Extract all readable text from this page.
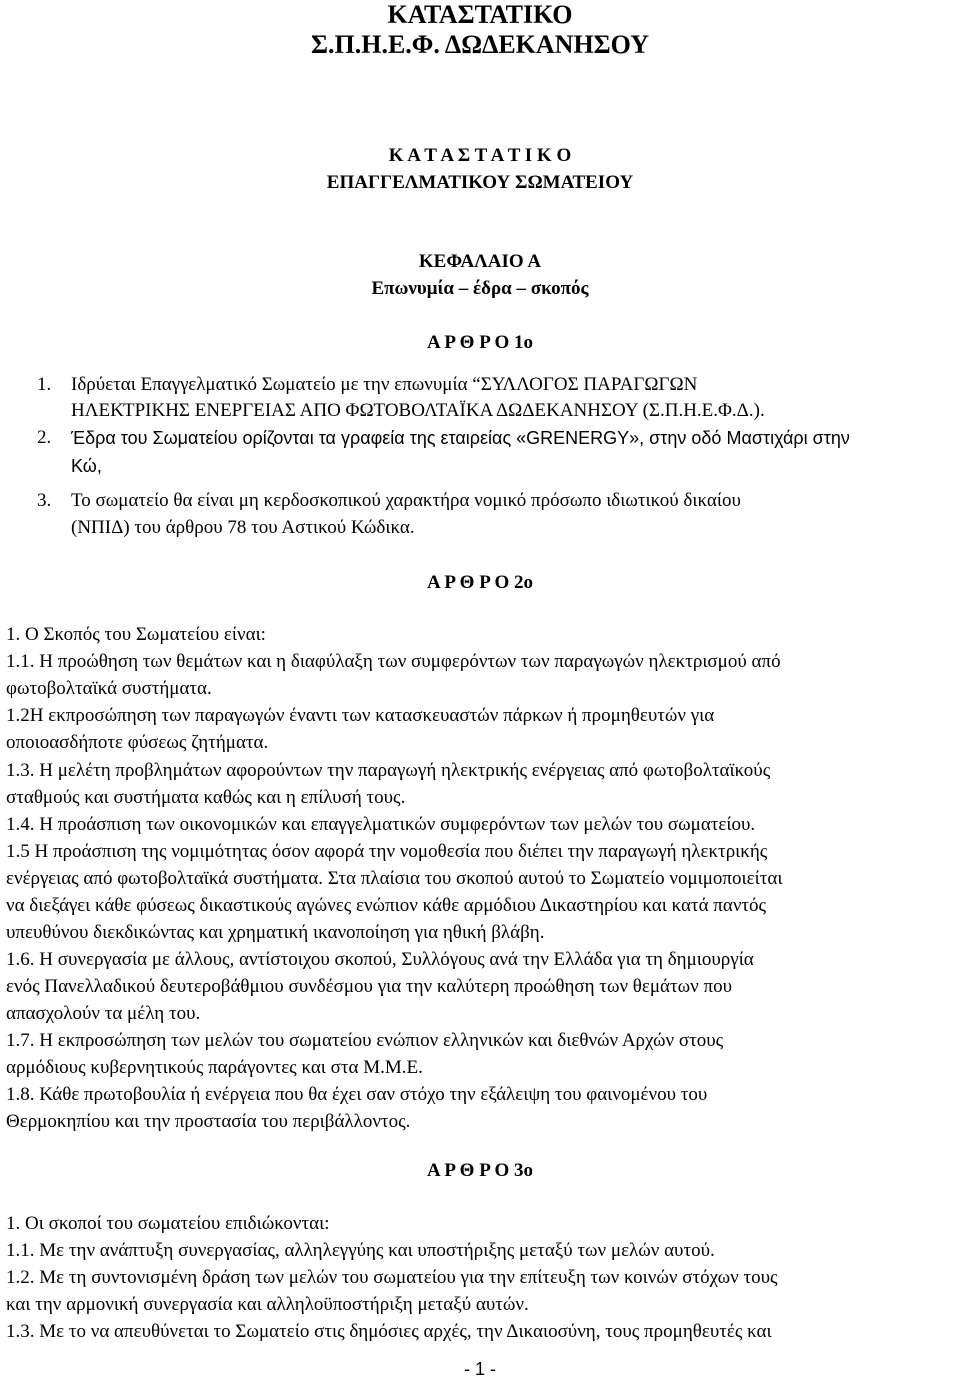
ΚΑΤΑΣΤΑΤΙΚΟ
Σ.Π.Η.Ε.Φ. ΔΩΔΕΚΑΝΗΣΟΥ
Κ Α Τ Α Σ Τ Α Τ Ι Κ Ο
ΕΠΑΓΓΕΛΜΑΤΙΚΟΥ ΣΩΜΑΤΕΙΟΥ
ΚΕΦΑΛΑΙΟ Α
Επωνυμία – έδρα – σκοπός
Α Ρ Θ Ρ Ο 1ο
1. Ιδρύεται Επαγγελματικό Σωματείο με την επωνυμία “ΣΥΛΛΟΓΟΣ ΠΑΡΑΓΩΓΩΝ
ΗΛΕΚΤΡΙΚΗΣ ΕΝΕΡΓΕΙΑΣ ΑΠΟ ΦΩΤΟΒΟΛΤΑΪΚΑ ΔΩΔΕΚΑΝΗΣΟΥ (Σ.Π.Η.Ε.Φ.Δ.).
2. Έδρα του Σωματείου ορίζονται τα γραφεία της εταιρείας «GRENERGY», στην οδό Μαστιχάρι στην
Κώ,
3. Το σωματείο θα είναι μη κερδοσκοπικού χαρακτήρα νομικό πρόσωπο ιδιωτικού δικαίου
(ΝΠΙΔ) του άρθρου 78 του Αστικού Κώδικα.
Α Ρ Θ Ρ Ο 2ο
1. Ο Σκοπός του Σωματείου είναι:
1.1. Η προώθηση των θεμάτων και η διαφύλαξη των συμφερόντων των παραγωγών ηλεκτρισμού από
φωτοβολταϊκά συστήματα.
1.2Η εκπροσώπηση των παραγωγών έναντι των κατασκευαστών πάρκων ή προμηθευτών για
οποιοασδήποτε φύσεως ζητήματα.
1.3. Η μελέτη προβλημάτων αφορούντων την παραγωγή ηλεκτρικής ενέργειας από φωτοβολταϊκούς
σταθμούς και συστήματα καθώς και η επίλυσή τους.
1.4. Η προάσπιση των οικονομικών και επαγγελματικών συμφερόντων των μελών του σωματείου.
1.5 Η προάσπιση της νομιμότητας όσον αφορά την νομοθεσία που διέπει την παραγωγή ηλεκτρικής
ενέργειας από φωτοβολταϊκά συστήματα. Στα πλαίσια του σκοπού αυτού το Σωματείο νομιμοποιείται
να διεξάγει κάθε φύσεως δικαστικούς αγώνες ενώπιον κάθε αρμόδιου Δικαστηρίου και κατά παντός
υπευθύνου διεκδικώντας και χρηματική ικανοποίηση για ηθική βλάβη.
1.6. Η συνεργασία με άλλους, αντίστοιχου σκοπού, Συλλόγους ανά την Ελλάδα για τη δημιουργία
ενός Πανελλαδικού δευτεροβάθμιου συνδέσμου για την καλύτερη προώθηση των θεμάτων που
απασχολούν τα μέλη του.
1.7. Η εκπροσώπηση των μελών του σωματείου ενώπιον ελληνικών και διεθνών Αρχών στους
αρμόδιους κυβερνητικούς παράγοντες και στα Μ.Μ.Ε.
1.8. Κάθε πρωτοβουλία ή ενέργεια που θα έχει σαν στόχο την εξάλειψη του φαινομένου του
Θερμοκηπίου και την προστασία του περιβάλλοντος.
Α Ρ Θ Ρ Ο 3ο
1. Οι σκοποί του σωματείου επιδιώκονται:
1.1. Με την ανάπτυξη συνεργασίας, αλληλεγγύης και υποστήριξης μεταξύ των μελών αυτού.
1.2. Με τη συντονισμένη δράση των μελών του σωματείου για την επίτευξη των κοινών στόχων τους
και την αρμονική συνεργασία και αλληλοϋποστήριξη μεταξύ αυτών.
1.3. Με το να απευθύνεται το Σωματείο στις δημόσιες αρχές, την Δικαιοσύνη, τους προμηθευτές και
- 1 -
